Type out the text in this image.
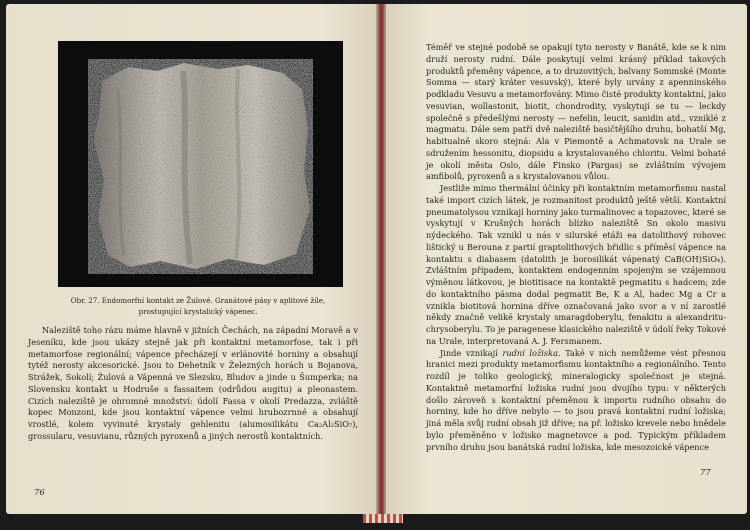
Obr. 27. Endomorfní kontakt ze Žulové. Granátové pásy v aplitové žíle,
prostupující krystalický vápenec.

Naleziště toho rázu máme hlavně v jižních Čechách, na západní Moravě a v Jeseníku, kde jsou ukázy stejně jak při kontaktní metamorfose, tak i při metamorfose regionální; vápence přecházejí v erlánovité horniny a obsahují tytéž nerosty akcesorické. Jsou to Dehetník v Železných horách u Bojanova, Strážek, Sokolí; Žulová a Vápenná ve Slezsku, Bludov a jinde u Šumperka; na Slovensku kontakt u Hodruše s fassaitem (odrůdou augitu) a pleonastem. Cizích naleziště je ohromné množství: údolí Fassa v okolí Predazza, zvláště kopec Monzoni, kde jsou kontaktní vápence velmi hrubozrnné a obsahují vrostlé, kolem vyvinuté krystaly gehlenitu (alumosilikátu Ca₂Al₂SiO₇), grossularu, vesuvianu, různých pyroxenů a jiných nerostů kontaktních.

76

Téměř ve stejné podobě se opakují tyto nerosty v Banátě, kde se k nim druží nerosty rudní. Dále poskytují velmi krásný příklad takových produktů přeměny vápence, a to druzovitých, balvany Sommské (Monte Somma — starý kráter vesuvský), které byly urvány z apenninského podkladu Vesuvu a metamorfovány. Mimo čisté produkty kontaktní, jako vesuvian, wollastonit, biotit, chondrodity, vyskytují se tu — leckdy společně s předešlými nerosty — nefelin, leucit, sanidin atd., vzniklé z magmatu. Dále sem patří dvě naleziště basičtějšího druhu, bohatší Mg, habitualně skoro stejná: Ala v Piemontě a Achmatovsk na Urale se sdružením hessonitu, diopsidu a krystalovaného chloritu. Velmi bohaté je okolí města Oslo, dále Finsko (Pargas) se zvláštním vývojem amfibolů, pyroxenů a s krystalovanou vůlou.

Jestliže mimo thermální účinky při kontaktním metamorfismu nastal také import cizích látek, je rozmanitost produktů ještě větší. Kontaktní pneumatolysou vznikají horniny jako turmalinovec a topazovec, které se vyskytují v Krušných horách blízko naleziště Sn okolo masivu nýdeckého. Tak vznikl u nás v silurské etáži ea datolithový rohovec lištický u Berouna z partií graptolithových břidlic s příměsí vápence na kontaktu s diabasem (datolith je borosilikát vápenatý CaB(OH)SiO₄). Zvláštním případem, kontaktem endogenním spojeným se vzájemnou výměnou látkovou, je biotitisace na kontaktě pegmatitu s hadcem; zde do kontaktního pásma dodal pegmatit Be, K a Al, hadec Mg a Cr a vznikla biotitová hornina dříve označovaná jako svor a v ní zarostlé někdy značně veliké krystaly smaragdoberylu, fenakitu a alexandritu-chrysoberylu. To je paragenese klasického naleziště v údolí řeky Tokové na Urale, interpretovaná A. J. Fersmanem.

Jinde vznikají rudní ložiska. Také v nich nemůžeme vést přesnou hranici mezi produkty metamorfismu kontaktního a regionálního. Tento rozdíl je toliko geologický, mineralogicky společnost je stejná. Kontaktně metamorfní ložiska rudní jsou dvojího typu: v některých došlo zároveň s kontaktní přeměnou k importu rudního obsahu do horniny, kde ho dříve nebylo — to jsou pravá kontaktní rudní ložiska; jiná měla svůj rudní obsah již dříve; na př. ložisko krevele nebo hnědele bylo přeměněno v ložisko magnetovce a pod. Typickým příkladem prvního druhu jsou banátská rudní ložiska, kde mesozoické vápence

77
